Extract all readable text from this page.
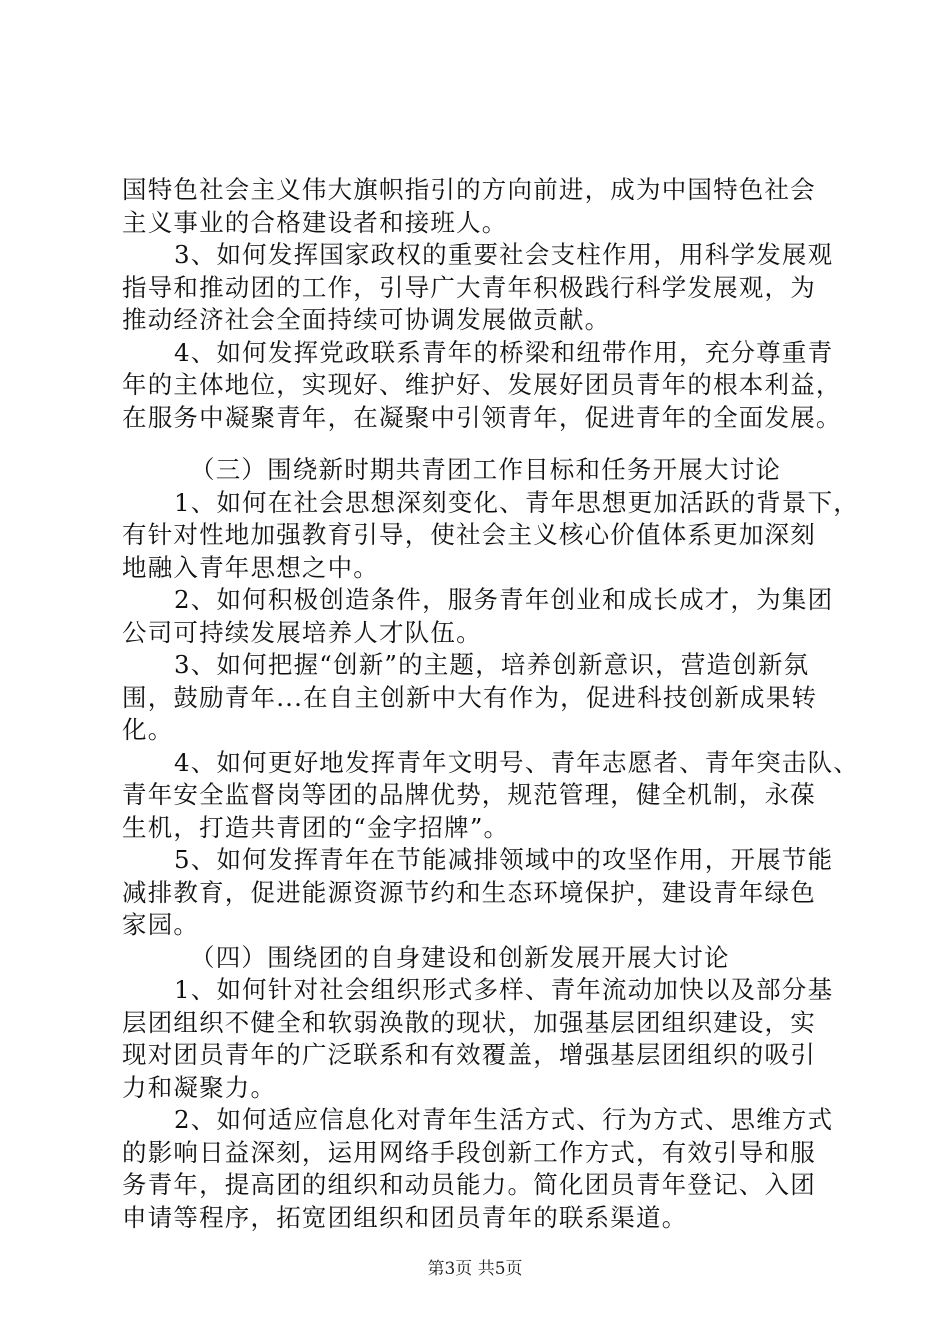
国特色社会主义伟大旗帜指引的方向前进，成为中国特色社会
主义事业的合格建设者和接班人。
3、如何发挥国家政权的重要社会支柱作用，用科学发展观
指导和推动团的工作，引导广大青年积极践行科学发展观，为
推动经济社会全面持续可协调发展做贡献。
4、如何发挥党政联系青年的桥梁和纽带作用，充分尊重青
年的主体地位，实现好、维护好、发展好团员青年的根本利益，
在服务中凝聚青年，在凝聚中引领青年，促进青年的全面发展。
（三）围绕新时期共青团工作目标和任务开展大讨论
1、如何在社会思想深刻变化、青年思想更加活跃的背景下，
有针对性地加强教育引导，使社会主义核心价值体系更加深刻
地融入青年思想之中。
2、如何积极创造条件，服务青年创业和成长成才，为集团
公司可持续发展培养人才队伍。
3、如何把握“创新”的主题，培养创新意识，营造创新氛
围，鼓励青年...在自主创新中大有作为，促进科技创新成果转
化。
4、如何更好地发挥青年文明号、青年志愿者、青年突击队、
青年安全监督岗等团的品牌优势，规范管理，健全机制，永葆
生机，打造共青团的“金字招牌”。
5、如何发挥青年在节能减排领域中的攻坚作用，开展节能
减排教育，促进能源资源节约和生态环境保护，建设青年绿色
家园。
（四）围绕团的自身建设和创新发展开展大讨论
1、如何针对社会组织形式多样、青年流动加快以及部分基
层团组织不健全和软弱涣散的现状，加强基层团组织建设，实
现对团员青年的广泛联系和有效覆盖，增强基层团组织的吸引
力和凝聚力。
2、如何适应信息化对青年生活方式、行为方式、思维方式
的影响日益深刻，运用网络手段创新工作方式，有效引导和服
务青年，提高团的组织和动员能力。简化团员青年登记、入团
申请等程序，拓宽团组织和团员青年的联系渠道。
第3页 共5页
